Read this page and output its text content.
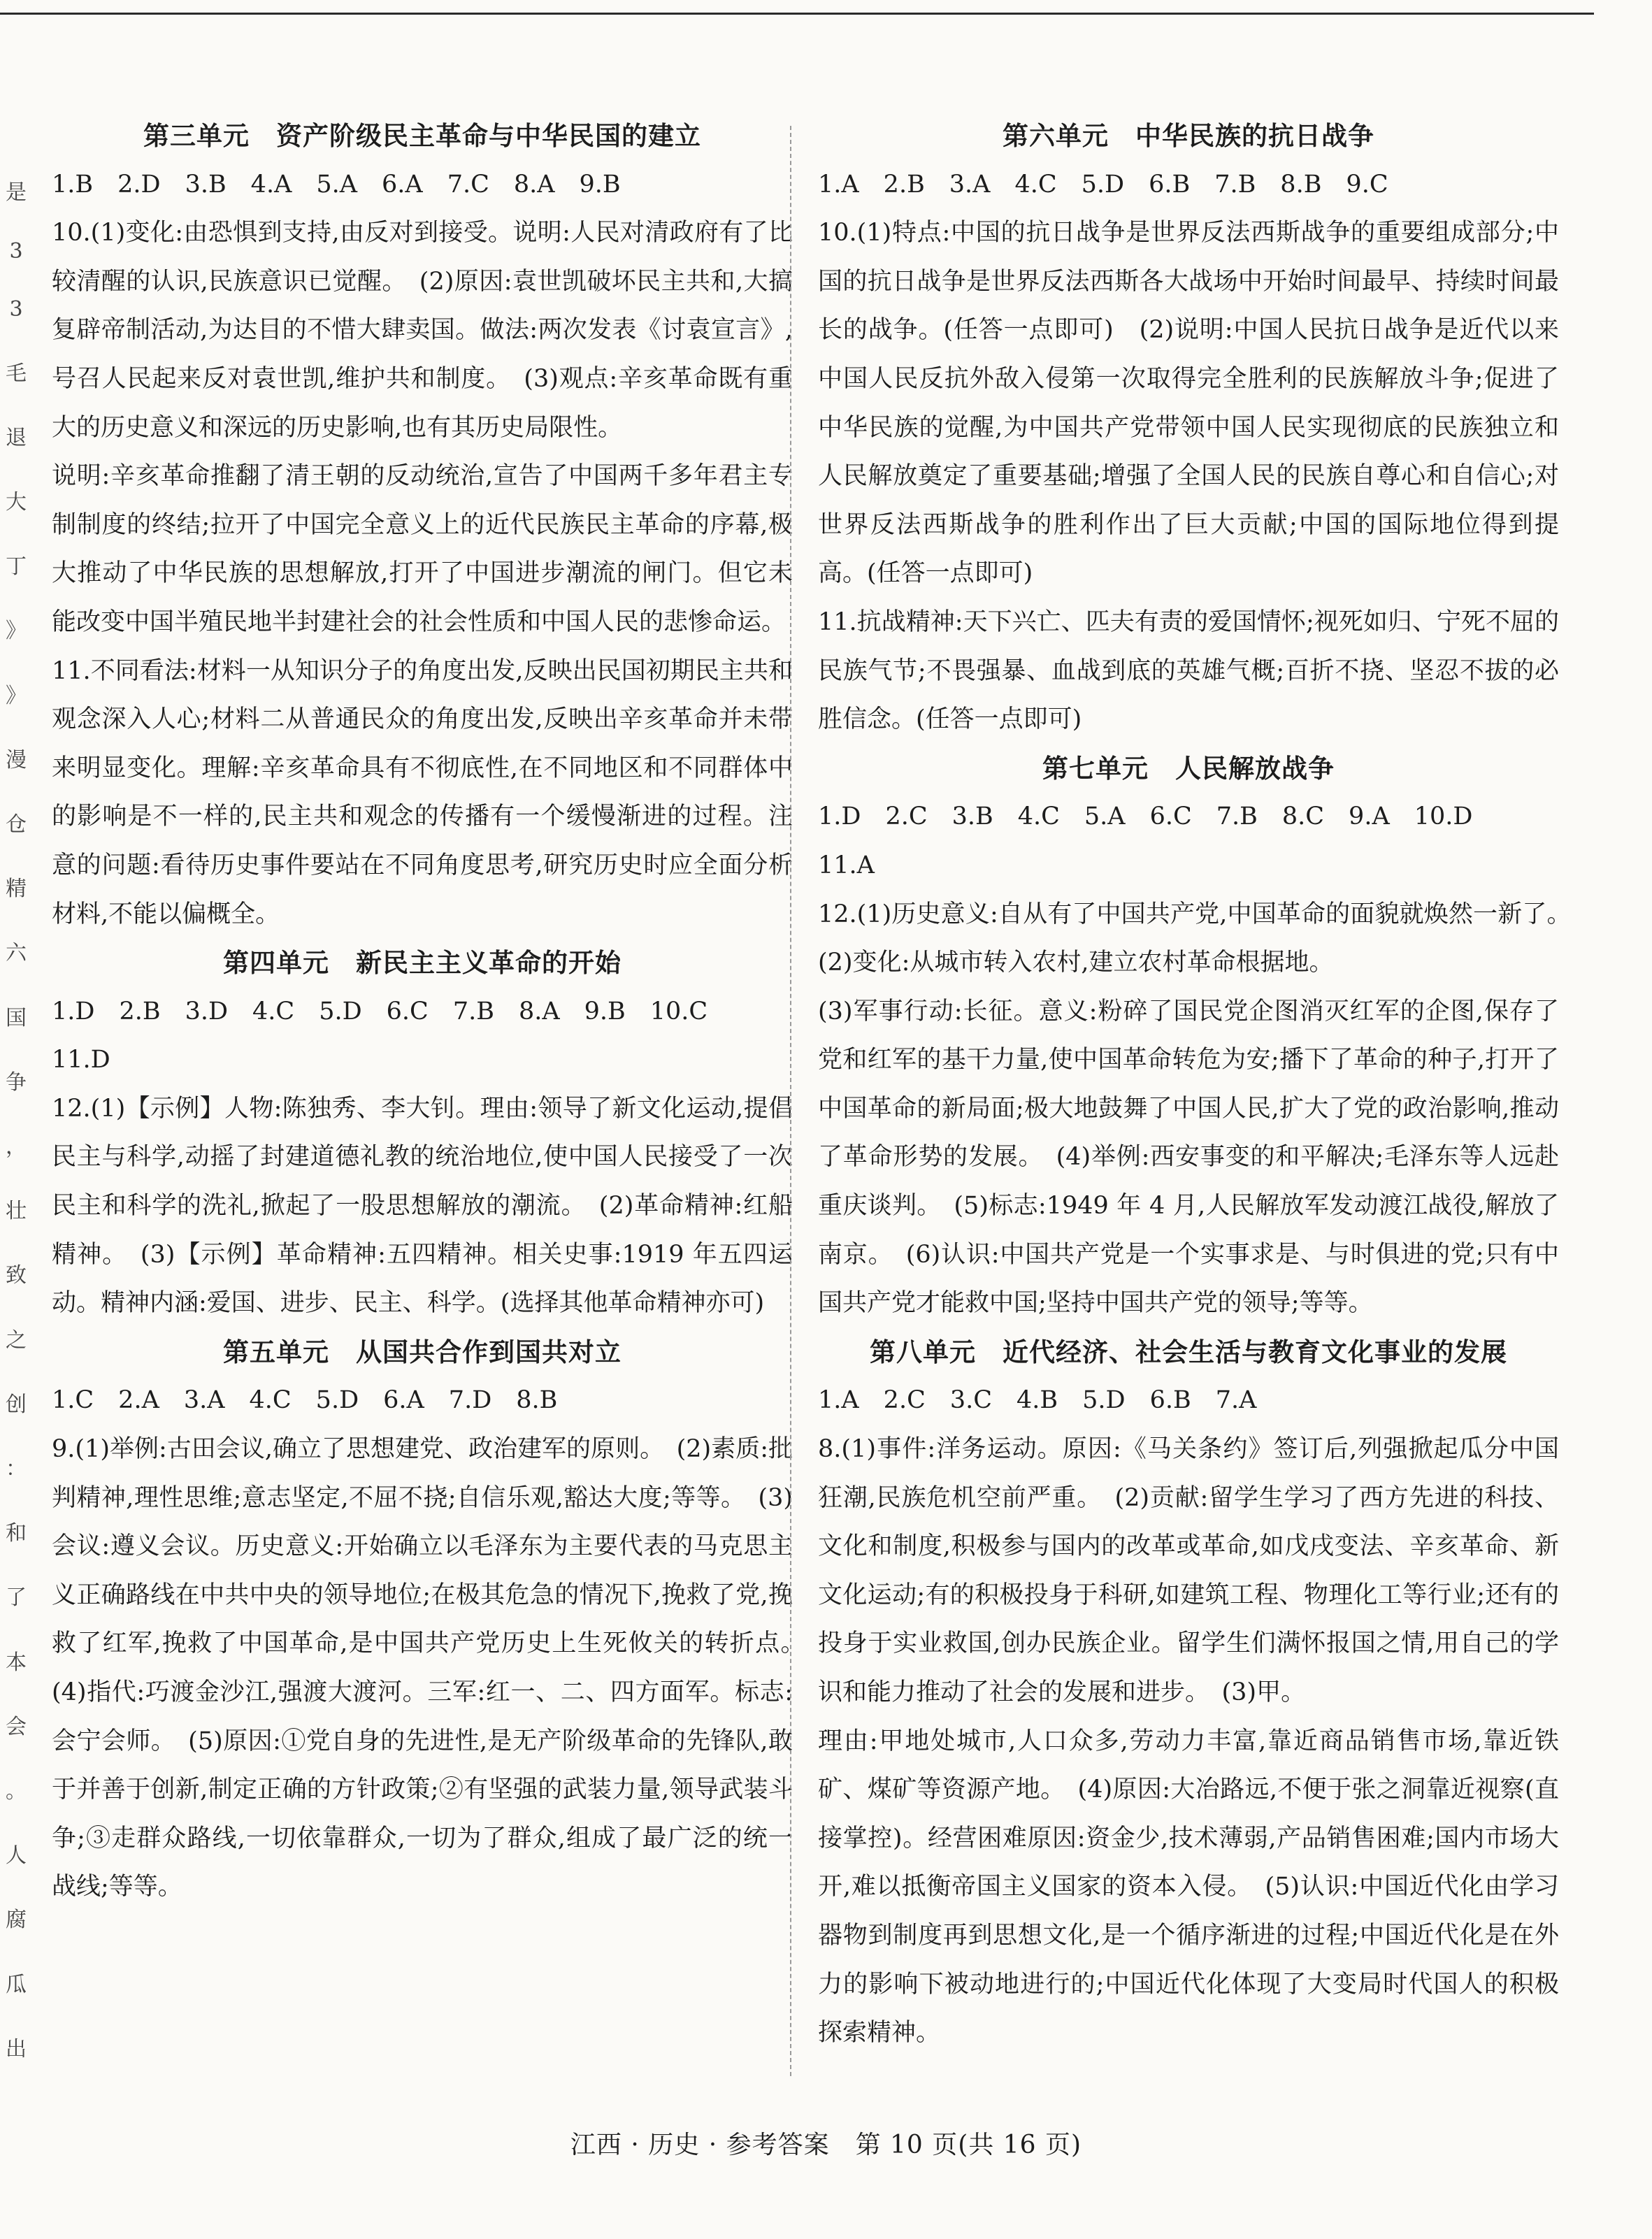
是
3
3
毛
退
大
丁
》
》
漫
仓
精
六
国
争
，
壮
致
之
创
：
和
了
本
会
。
人
腐
瓜
出
第三单元　资产阶级民主革命与中华民国的建立
1.B　2.D　3.B　4.A　5.A　6.A　7.C　8.A　9.B
10.(1)变化:由恐惧到支持,由反对到接受。说明:人民对清政府有了比较清醒的认识,民族意识已觉醒。　(2)原因:袁世凯破坏民主共和,大搞复辟帝制活动,为达目的不惜大肆卖国。做法:两次发表《讨袁宣言》,号召人民起来反对袁世凯,维护共和制度。　(3)观点:辛亥革命既有重大的历史意义和深远的历史影响,也有其历史局限性。
说明:辛亥革命推翻了清王朝的反动统治,宣告了中国两千多年君主专制制度的终结;拉开了中国完全意义上的近代民族民主革命的序幕,极大推动了中华民族的思想解放,打开了中国进步潮流的闸门。但它未能改变中国半殖民地半封建社会的社会性质和中国人民的悲惨命运。
11.不同看法:材料一从知识分子的角度出发,反映出民国初期民主共和观念深入人心;材料二从普通民众的角度出发,反映出辛亥革命并未带来明显变化。理解:辛亥革命具有不彻底性,在不同地区和不同群体中的影响是不一样的,民主共和观念的传播有一个缓慢渐进的过程。注意的问题:看待历史事件要站在不同角度思考,研究历史时应全面分析材料,不能以偏概全。
第四单元　新民主主义革命的开始
1.D　2.B　3.D　4.C　5.D　6.C　7.B　8.A　9.B　10.C
11.D
12.(1)【示例】人物:陈独秀、李大钊。理由:领导了新文化运动,提倡民主与科学,动摇了封建道德礼教的统治地位,使中国人民接受了一次民主和科学的洗礼,掀起了一股思想解放的潮流。　(2)革命精神:红船精神。　(3)【示例】革命精神:五四精神。相关史事:1919 年五四运动。精神内涵:爱国、进步、民主、科学。(选择其他革命精神亦可)
第五单元　从国共合作到国共对立
1.C　2.A　3.A　4.C　5.D　6.A　7.D　8.B
9.(1)举例:古田会议,确立了思想建党、政治建军的原则。　(2)素质:批判精神,理性思维;意志坚定,不屈不挠;自信乐观,豁达大度;等等。　(3)会议:遵义会议。历史意义:开始确立以毛泽东为主要代表的马克思主义正确路线在中共中央的领导地位;在极其危急的情况下,挽救了党,挽救了红军,挽救了中国革命,是中国共产党历史上生死攸关的转折点。　(4)指代:巧渡金沙江,强渡大渡河。三军:红一、二、四方面军。标志:会宁会师。　(5)原因:①党自身的先进性,是无产阶级革命的先锋队,敢于并善于创新,制定正确的方针政策;②有坚强的武装力量,领导武装斗争;③走群众路线,一切依靠群众,一切为了群众,组成了最广泛的统一战线;等等。
第六单元　中华民族的抗日战争
1.A　2.B　3.A　4.C　5.D　6.B　7.B　8.B　9.C
10.(1)特点:中国的抗日战争是世界反法西斯战争的重要组成部分;中国的抗日战争是世界反法西斯各大战场中开始时间最早、持续时间最长的战争。(任答一点即可)　(2)说明:中国人民抗日战争是近代以来中国人民反抗外敌入侵第一次取得完全胜利的民族解放斗争;促进了中华民族的觉醒,为中国共产党带领中国人民实现彻底的民族独立和人民解放奠定了重要基础;增强了全国人民的民族自尊心和自信心;对世界反法西斯战争的胜利作出了巨大贡献;中国的国际地位得到提高。(任答一点即可)
11.抗战精神:天下兴亡、匹夫有责的爱国情怀;视死如归、宁死不屈的民族气节;不畏强暴、血战到底的英雄气概;百折不挠、坚忍不拔的必胜信念。(任答一点即可)
第七单元　人民解放战争
1.D　2.C　3.B　4.C　5.A　6.C　7.B　8.C　9.A　10.D
11.A
12.(1)历史意义:自从有了中国共产党,中国革命的面貌就焕然一新了。　(2)变化:从城市转入农村,建立农村革命根据地。
(3)军事行动:长征。意义:粉碎了国民党企图消灭红军的企图,保存了党和红军的基干力量,使中国革命转危为安;播下了革命的种子,打开了中国革命的新局面;极大地鼓舞了中国人民,扩大了党的政治影响,推动了革命形势的发展。　(4)举例:西安事变的和平解决;毛泽东等人远赴重庆谈判。　(5)标志:1949 年 4 月,人民解放军发动渡江战役,解放了南京。　(6)认识:中国共产党是一个实事求是、与时俱进的党;只有中国共产党才能救中国;坚持中国共产党的领导;等等。
第八单元　近代经济、社会生活与教育文化事业的发展
1.A　2.C　3.C　4.B　5.D　6.B　7.A
8.(1)事件:洋务运动。原因:《马关条约》签订后,列强掀起瓜分中国狂潮,民族危机空前严重。　(2)贡献:留学生学习了西方先进的科技、文化和制度,积极参与国内的改革或革命,如戊戌变法、辛亥革命、新文化运动;有的积极投身于科研,如建筑工程、物理化工等行业;还有的投身于实业救国,创办民族企业。留学生们满怀报国之情,用自己的学识和能力推动了社会的发展和进步。　(3)甲。
理由:甲地处城市,人口众多,劳动力丰富,靠近商品销售市场,靠近铁矿、煤矿等资源产地。　(4)原因:大冶路远,不便于张之洞靠近视察(直接掌控)。经营困难原因:资金少,技术薄弱,产品销售困难;国内市场大开,难以抵衡帝国主义国家的资本入侵。　(5)认识:中国近代化由学习器物到制度再到思想文化,是一个循序渐进的过程;中国近代化是在外力的影响下被动地进行的;中国近代化体现了大变局时代国人的积极探索精神。
江西 · 历史 · 参考答案　第 10 页(共 16 页)
